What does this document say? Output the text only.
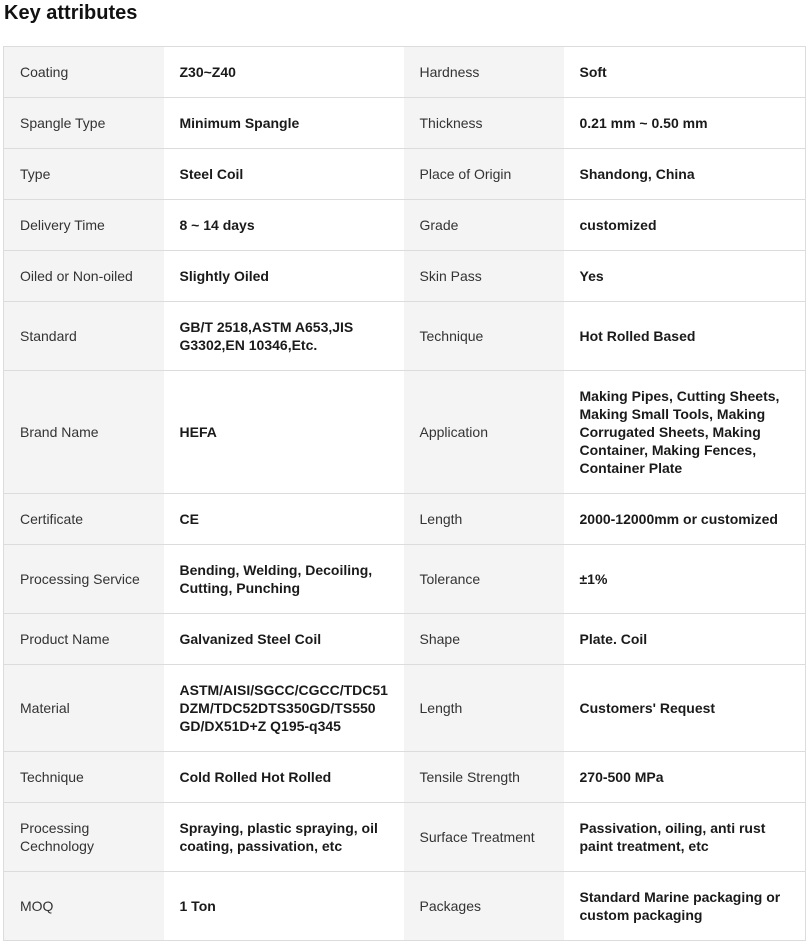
Key attributes
Coating	Z30~Z40	Hardness	Soft
Spangle Type	Minimum Spangle	Thickness	0.21 mm ~ 0.50 mm
Type	Steel Coil	Place of Origin	Shandong, China
Delivery Time	8 ~ 14 days	Grade	customized
Oiled or Non-oiled	Slightly Oiled	Skin Pass	Yes
Standard	GB/T 2518,ASTM A653,JIS G3302,EN 10346,Etc.	Technique	Hot Rolled Based
Brand Name	HEFA	Application	Making Pipes, Cutting Sheets, Making Small Tools, Making Corrugated Sheets, Making Container, Making Fences, Container Plate
Certificate	CE	Length	2000-12000mm or customized
Processing Service	Bending, Welding, Decoiling, Cutting, Punching	Tolerance	±1%
Product Name	Galvanized Steel Coil	Shape	Plate. Coil
Material	ASTM/AISI/SGCC/CGCC/TDC51 DZM/TDC52DTS350GD/TS550 GD/DX51D+Z Q195-q345	Length	Customers' Request
Technique	Cold Rolled Hot Rolled	Tensile Strength	270-500 MPa
Processing Cechnology	Spraying, plastic spraying, oil coating, passivation, etc	Surface Treatment	Passivation, oiling, anti rust paint treatment, etc
MOQ	1 Ton	Packages	Standard Marine packaging or custom packaging
